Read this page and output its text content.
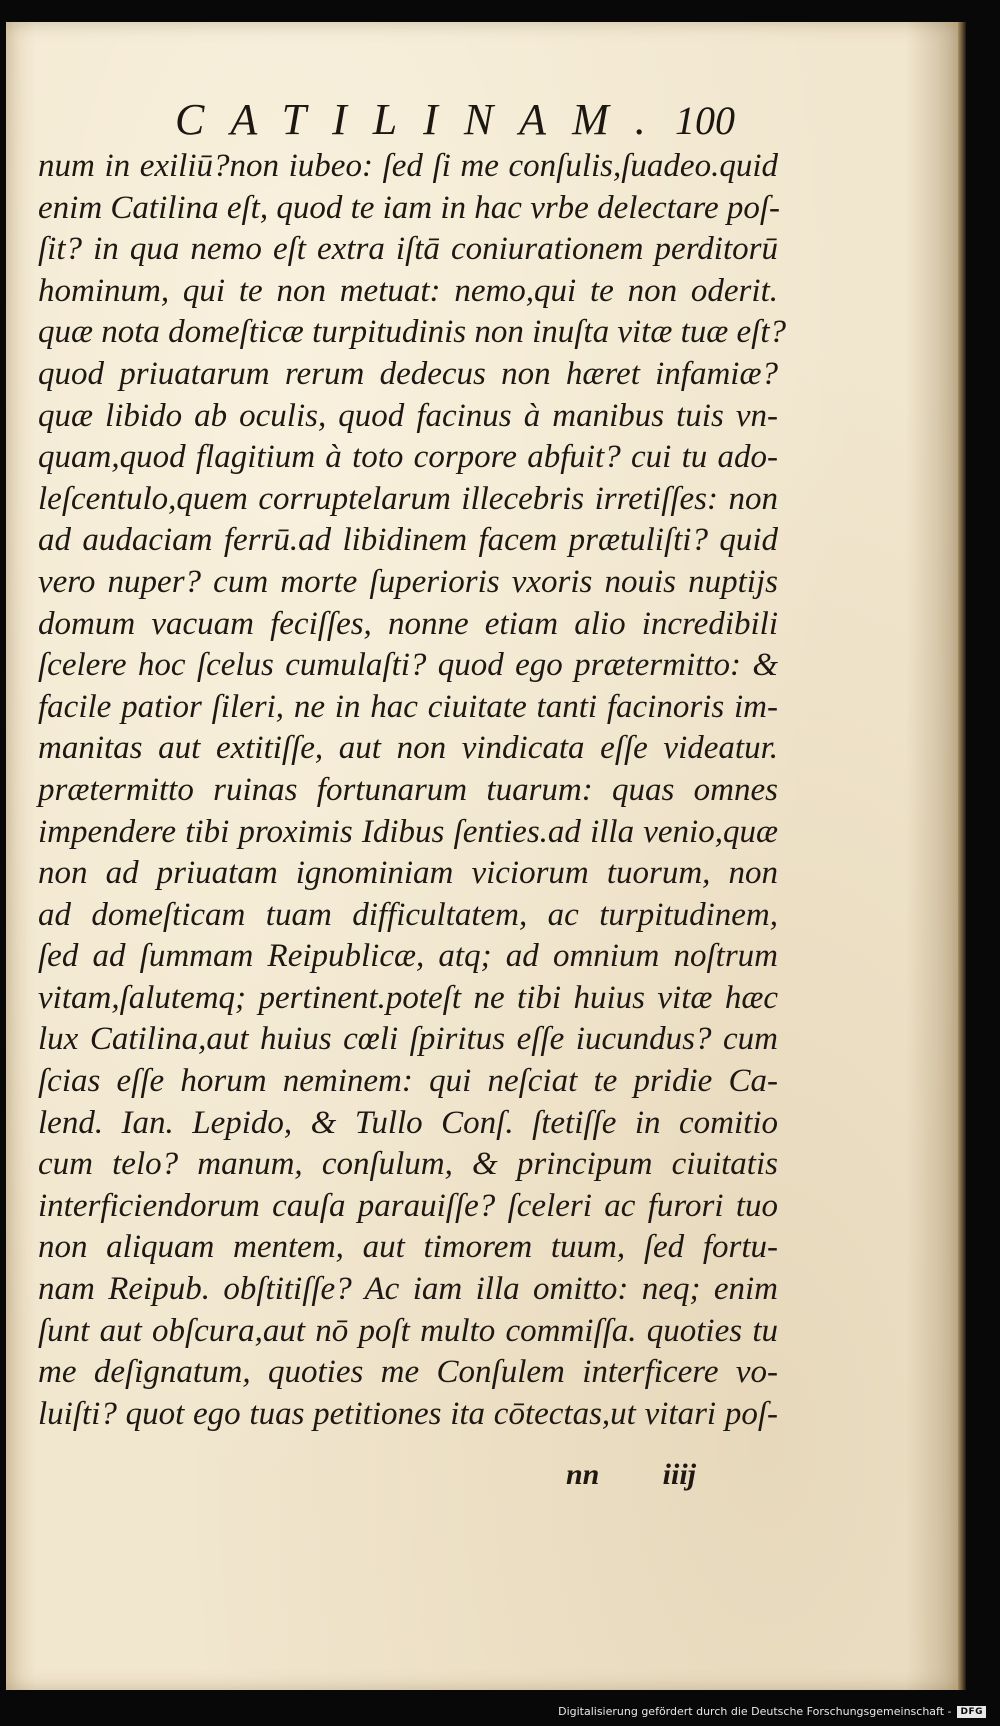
CATILINAM. 100
num in exiliū?non iubeo: ſed ſi me conſulis,ſuadeo.quid
enim Catilina eſt, quod te iam in hac vrbe delectare poſ-
ſit? in qua nemo eſt extra iſtā coniurationem perditorū
hominum, qui te non metuat: nemo,qui te non oderit.
quæ nota domeſticæ turpitudinis non inuſta vitæ tuæ eſt?
quod priuatarum rerum dedecus non hæret infamiæ?
quæ libido ab oculis, quod facinus à manibus tuis vn-
quam,quod flagitium à toto corpore abfuit? cui tu ado-
leſcentulo,quem corruptelarum illecebris irretiſſes: non
ad audaciam ferrū.ad libidinem facem prætuliſti? quid
vero nuper? cum morte ſuperioris vxoris nouis nuptijs
domum vacuam feciſſes, nonne etiam alio incredibili
ſcelere hoc ſcelus cumulaſti? quod ego prætermitto: &
facile patior ſileri, ne in hac ciuitate tanti facinoris im-
manitas aut extitiſſe, aut non vindicata eſſe videatur.
prætermitto ruinas fortunarum tuarum: quas omnes
impendere tibi proximis Idibus ſenties.ad illa venio,quæ
non ad priuatam ignominiam viciorum tuorum, non
ad domeſticam tuam difficultatem, ac turpitudinem,
ſed ad ſummam Reipublicæ, atq; ad omnium noſtrum
vitam,ſalutemq; pertinent.poteſt ne tibi huius vitæ hæc
lux Catilina,aut huius cœli ſpiritus eſſe iucundus? cum
ſcias eſſe horum neminem: qui neſciat te pridie Ca-
lend. Ian. Lepido, & Tullo Conſ. ſtetiſſe in comitio
cum telo? manum, conſulum, & principum ciuitatis
interficiendorum cauſa parauiſſe? ſceleri ac furori tuo
non aliquam mentem, aut timorem tuum, ſed fortu-
nam Reipub. obſtitiſſe? Ac iam illa omitto: neq; enim
ſunt aut obſcura,aut nō poſt multo commiſſa. quoties tu
me deſignatum, quoties me Conſulem interficere vo-
luiſti? quot ego tuas petitiones ita cōtectas,ut vitari poſ-
nn iiij
Digitalisierung gefördert durch die Deutsche Forschungsgemeinschaft -	DFG
